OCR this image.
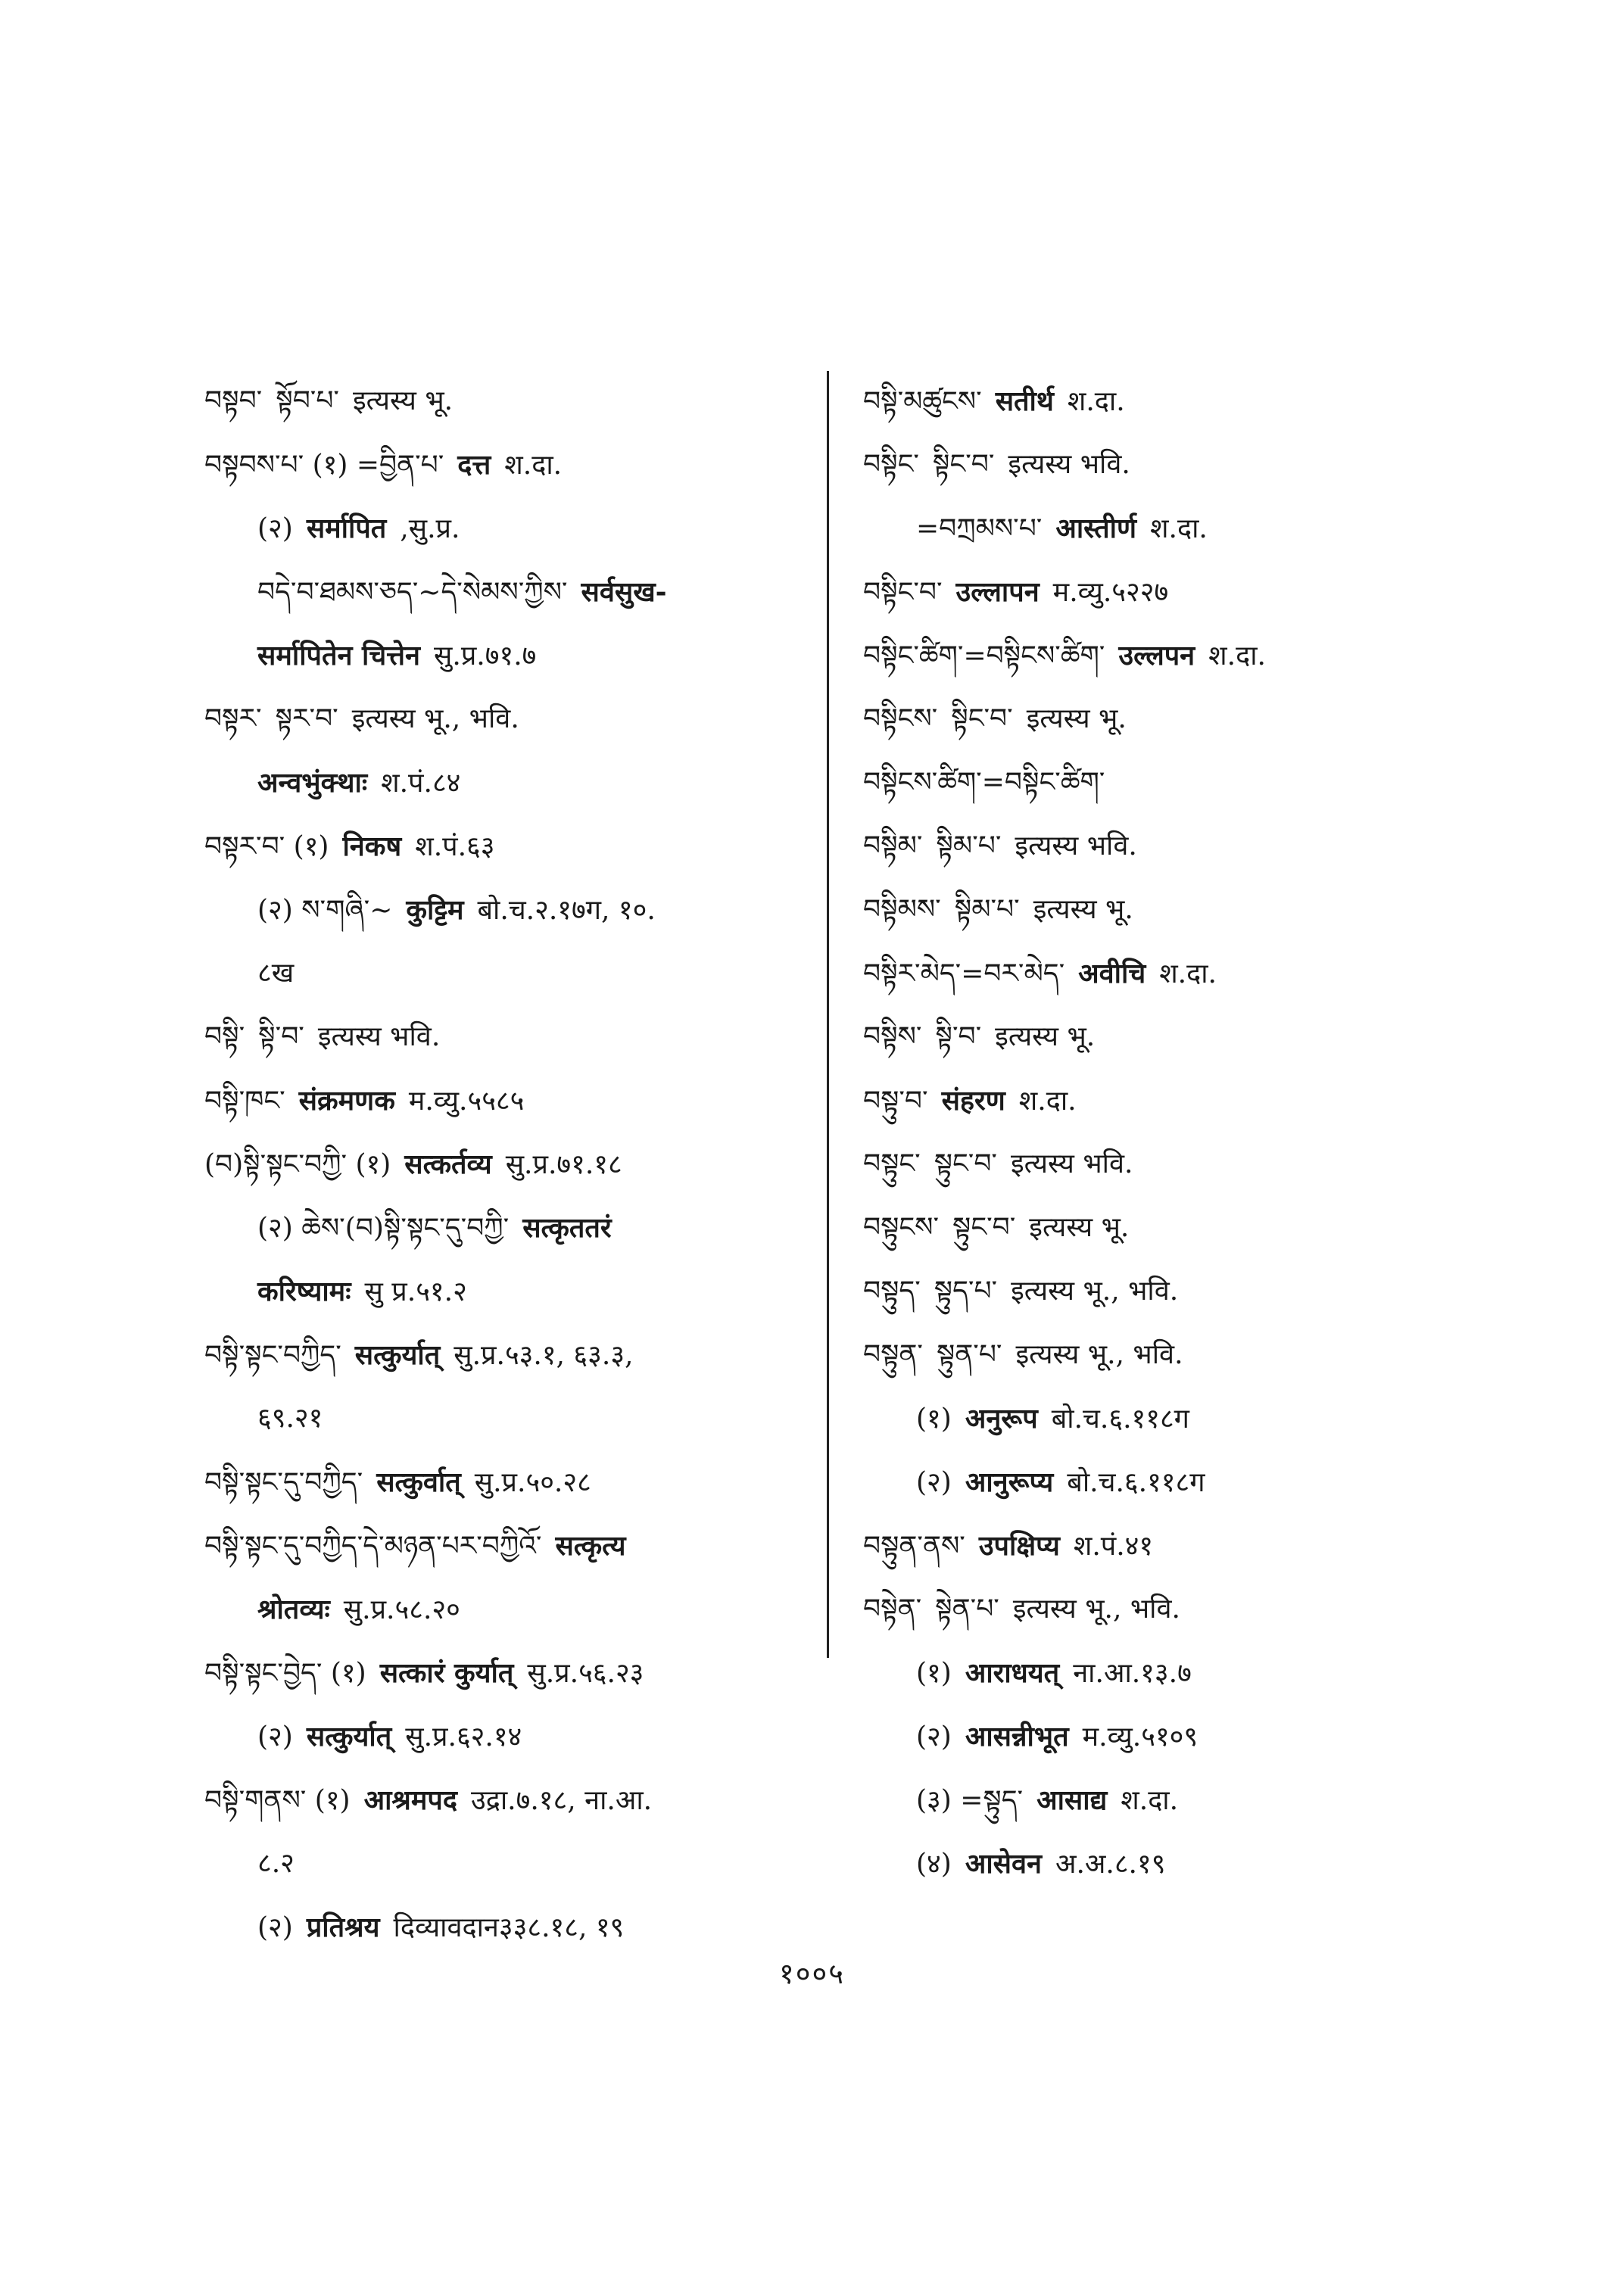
བསྟབ་ སྟོབ་པ་ इत्यस्य भू.
བསྟབས་པ་ (१) =བྱིན་པ་ दत्त श.दा.
(२) सर्मापित ,सु.प्र.
བདེ་བ་ཐམས་ཅད་~དེ་སེམས་ཀྱིས་ सर्वसुख-
सर्मापितेन चित्तेन सु.प्र.७१.७
བསྟར་ སྟར་བ་ इत्यस्य भू., भवि.
अन्वभुंक्थाः श.पं.८४
བསྟར་བ་ (१) निकष श.पं.६३
(२) ས་གཞི་~ कुट्टिम बो.च.२.१७ग, १०.
८ख
བསྟི་ སྟི་བ་ इत्यस्य भवि.
བསྟི་ཁང་ संक्रमणक म.व्यु.५५८५
(བ)སྟི་སྟང་བཀྱི་ (१) सत्कर्तव्य सु.प्र.७१.१८
(२) ཆེས་(བ)སྟི་སྟང་དུ་བཀྱི་ सत्कृततरं
करिष्यामः सु प्र.५१.२
བསྟི་སྟང་བཀྱིད་ सत्कुर्यात् सु.प्र.५३.१, ६३.३,
६९.२१
བསྟི་སྟང་དུ་བཀྱིད་ सत्कुर्वात् सु.प्र.५०.२८
བསྟི་སྟང་དུ་བཀྱིད་དེ་མཉན་པར་བཀྱིའོ་ सत्कृत्य
श्रोतव्यः सु.प्र.५८.२०
བསྟི་སྟང་བྱེད་ (१) सत्कारं कुर्यात् सु.प्र.५६.२३
(२) सत्कुर्यात् सु.प्र.६२.१४
བསྟི་གནས་ (१) आश्रमपद उद्रा.७.१८, ना.आ.
८.२
(२) प्रतिश्रय दिव्यावदान३३८.१८, १९
བསྟི་མཚུངས་ सतीर्थ श.दा.
བསྟིང་ སྟིང་བ་ इत्यस्य भवि.
=བཀྲམས་པ་ आस्तीर्ण श.दा.
བསྟིང་བ་ उल्लापन म.व्यु.५२२७
བསྟིང་ཚིག་=བསྟིངས་ཚིག་ उल्लपन श.दा.
བསྟིངས་ སྟིང་བ་ इत्यस्य भू.
བསྟིངས་ཚིག་=བསྟིང་ཚིག་
བསྟིམ་ སྟིམ་པ་ इत्यस्य भवि.
བསྟིམས་ སྟིམ་པ་ इत्यस्य भू.
བསྟིར་མེད་=བར་མེད་ अवीचि श.दा.
བསྟིས་ སྟི་བ་ इत्यस्य भू.
བསྟུ་བ་ संहरण श.दा.
བསྟུང་ སྟུང་བ་ इत्यस्य भवि.
བསྟུངས་ སྟུང་བ་ इत्यस्य भू.
བསྟུད་ སྟུད་པ་ इत्यस्य भू., भवि.
བསྟུན་ སྟུན་པ་ इत्यस्य भू., भवि.
(१) अनुरूप बो.च.६.११८ग
(२) आनुरूप्य बो.च.६.११८ग
བསྟུན་ནས་ उपक्षिप्य श.पं.४१
བསྟེན་ སྟེན་པ་ इत्यस्य भू., भवि.
(१) आराधयत् ना.आ.१३.७
(२) आसन्नीभूत म.व्यु.५१०९
(३) =སྟུད་ आसाद्य श.दा.
(४) आसेवन अ.अ.८.१९
१००५
